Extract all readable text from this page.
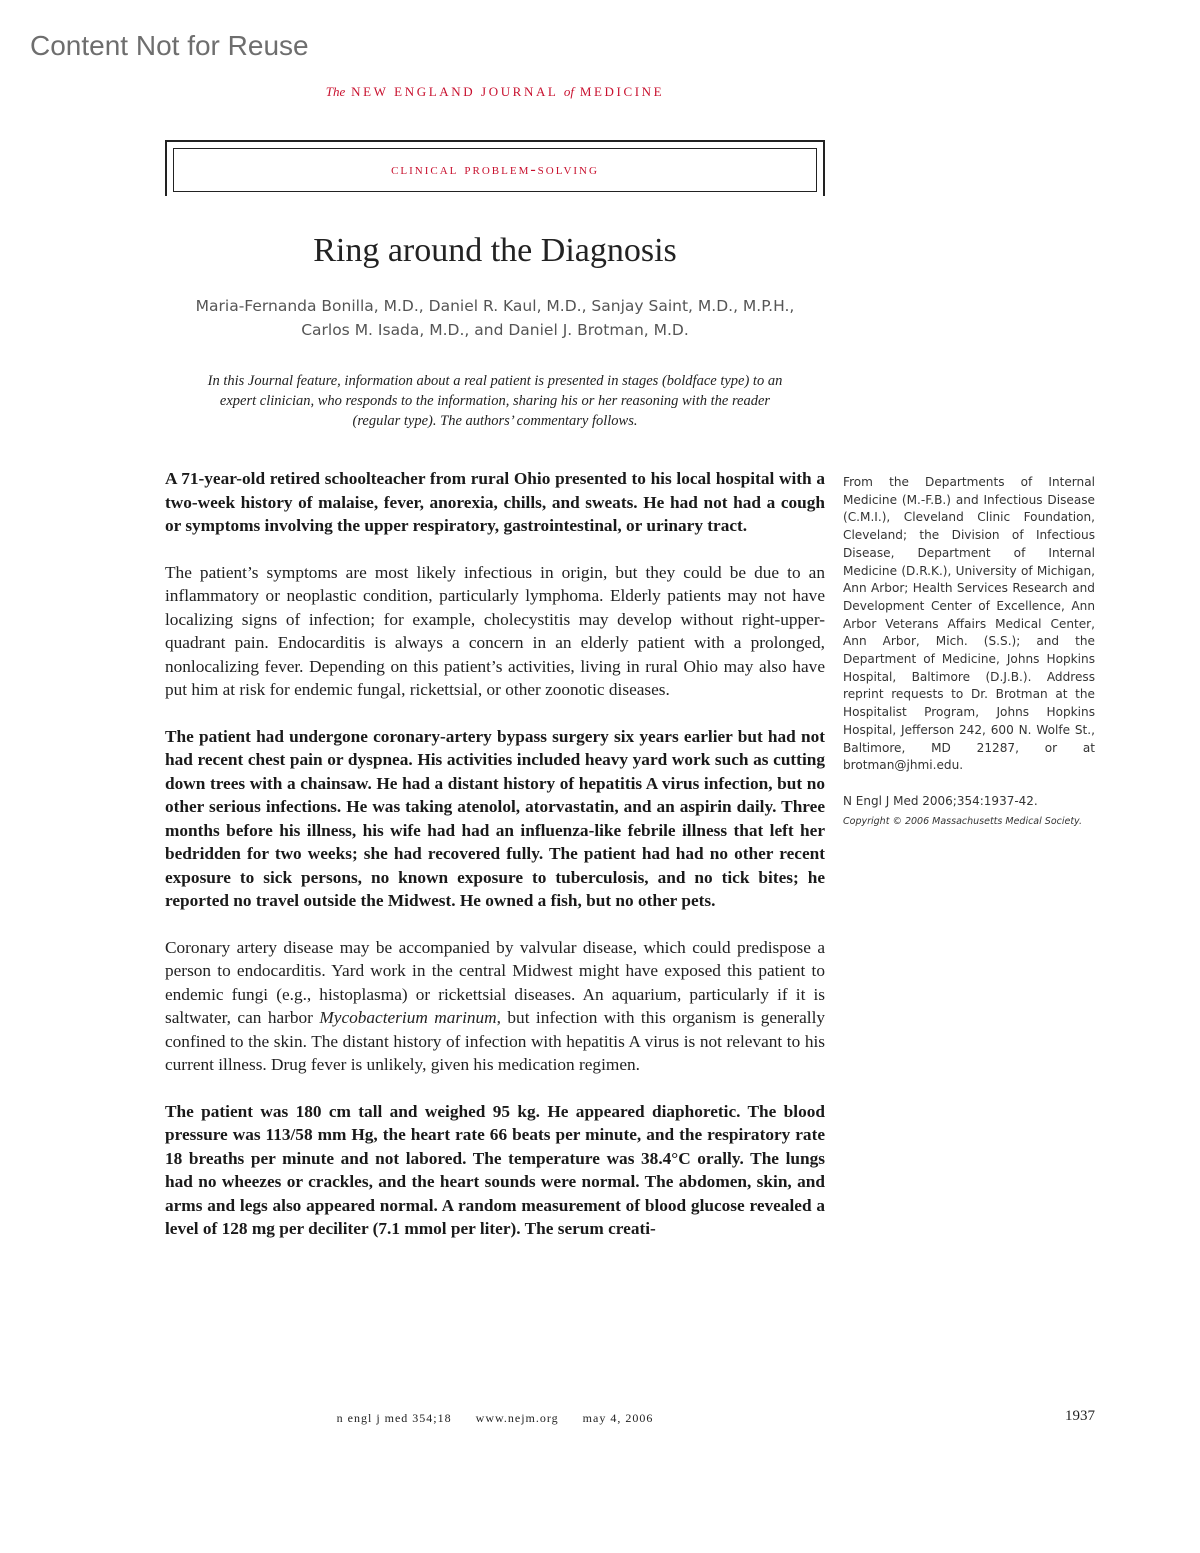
Content Not for Reuse
The NEW ENGLAND JOURNAL of MEDICINE
clinical problem-solving
Ring around the Diagnosis
Maria-Fernanda Bonilla, M.D., Daniel R. Kaul, M.D., Sanjay Saint, M.D., M.P.H.,
Carlos M. Isada, M.D., and Daniel J. Brotman, M.D.
In this Journal feature, information about a real patient is presented in stages (boldface type) to an expert clinician, who responds to the information, sharing his or her reasoning with the reader (regular type). The authors’ commentary follows.

A 71-year-old retired schoolteacher from rural Ohio presented to his local hospital with a two-week history of malaise, fever, anorexia, chills, and sweats. He had not had a cough or symptoms involving the upper respiratory, gastrointestinal, or urinary tract.

The patient’s symptoms are most likely infectious in origin, but they could be due to an inflammatory or neoplastic condition, particularly lymphoma. Elderly patients may not have localizing signs of infection; for example, cholecystitis may develop without right-upper-quadrant pain. Endocarditis is always a concern in an elderly patient with a prolonged, nonlocalizing fever. Depending on this patient’s activities, living in rural Ohio may also have put him at risk for endemic fungal, rickettsial, or other zoonotic diseases.

The patient had undergone coronary-artery bypass surgery six years earlier but had not had recent chest pain or dyspnea. His activities included heavy yard work such as cutting down trees with a chainsaw. He had a distant history of hepatitis A virus infection, but no other serious infections. He was taking atenolol, atorvastatin, and an aspirin daily. Three months before his illness, his wife had had an influenza-like febrile illness that left her bedridden for two weeks; she had recovered fully. The patient had had no other recent exposure to sick persons, no known exposure to tuberculosis, and no tick bites; he reported no travel outside the Midwest. He owned a fish, but no other pets.

Coronary artery disease may be accompanied by valvular disease, which could predispose a person to endocarditis. Yard work in the central Midwest might have exposed this patient to endemic fungi (e.g., histoplasma) or rickettsial diseases. An aquarium, particularly if it is saltwater, can harbor Mycobacterium marinum, but infection with this organism is generally confined to the skin. The distant history of infection with hepatitis A virus is not relevant to his current illness. Drug fever is unlikely, given his medication regimen.

The patient was 180 cm tall and weighed 95 kg. He appeared diaphoretic. The blood pressure was 113/58 mm Hg, the heart rate 66 beats per minute, and the respiratory rate 18 breaths per minute and not labored. The temperature was 38.4°C orally. The lungs had no wheezes or crackles, and the heart sounds were normal. The abdomen, skin, and arms and legs also appeared normal. A random measurement of blood glucose revealed a level of 128 mg per deciliter (7.1 mmol per liter). The serum creati-

From the Departments of Internal Medicine (M.-F.B.) and Infectious Disease (C.M.I.), Cleveland Clinic Foundation, Cleveland; the Division of Infectious Disease, Department of Internal Medicine (D.R.K.), University of Michigan, Ann Arbor; Health Services Research and Development Center of Excellence, Ann Arbor Veterans Affairs Medical Center, Ann Arbor, Mich. (S.S.); and the Department of Medicine, Johns Hopkins Hospital, Baltimore (D.J.B.). Address reprint requests to Dr. Brotman at the Hospitalist Program, Johns Hopkins Hospital, Jefferson 242, 600 N. Wolfe St., Baltimore, MD 21287, or at brotman@jhmi.edu.
N Engl J Med 2006;354:1937-42.
Copyright © 2006 Massachusetts Medical Society.
n engl j med 354;18 www.nejm.org may 4, 2006	1937
